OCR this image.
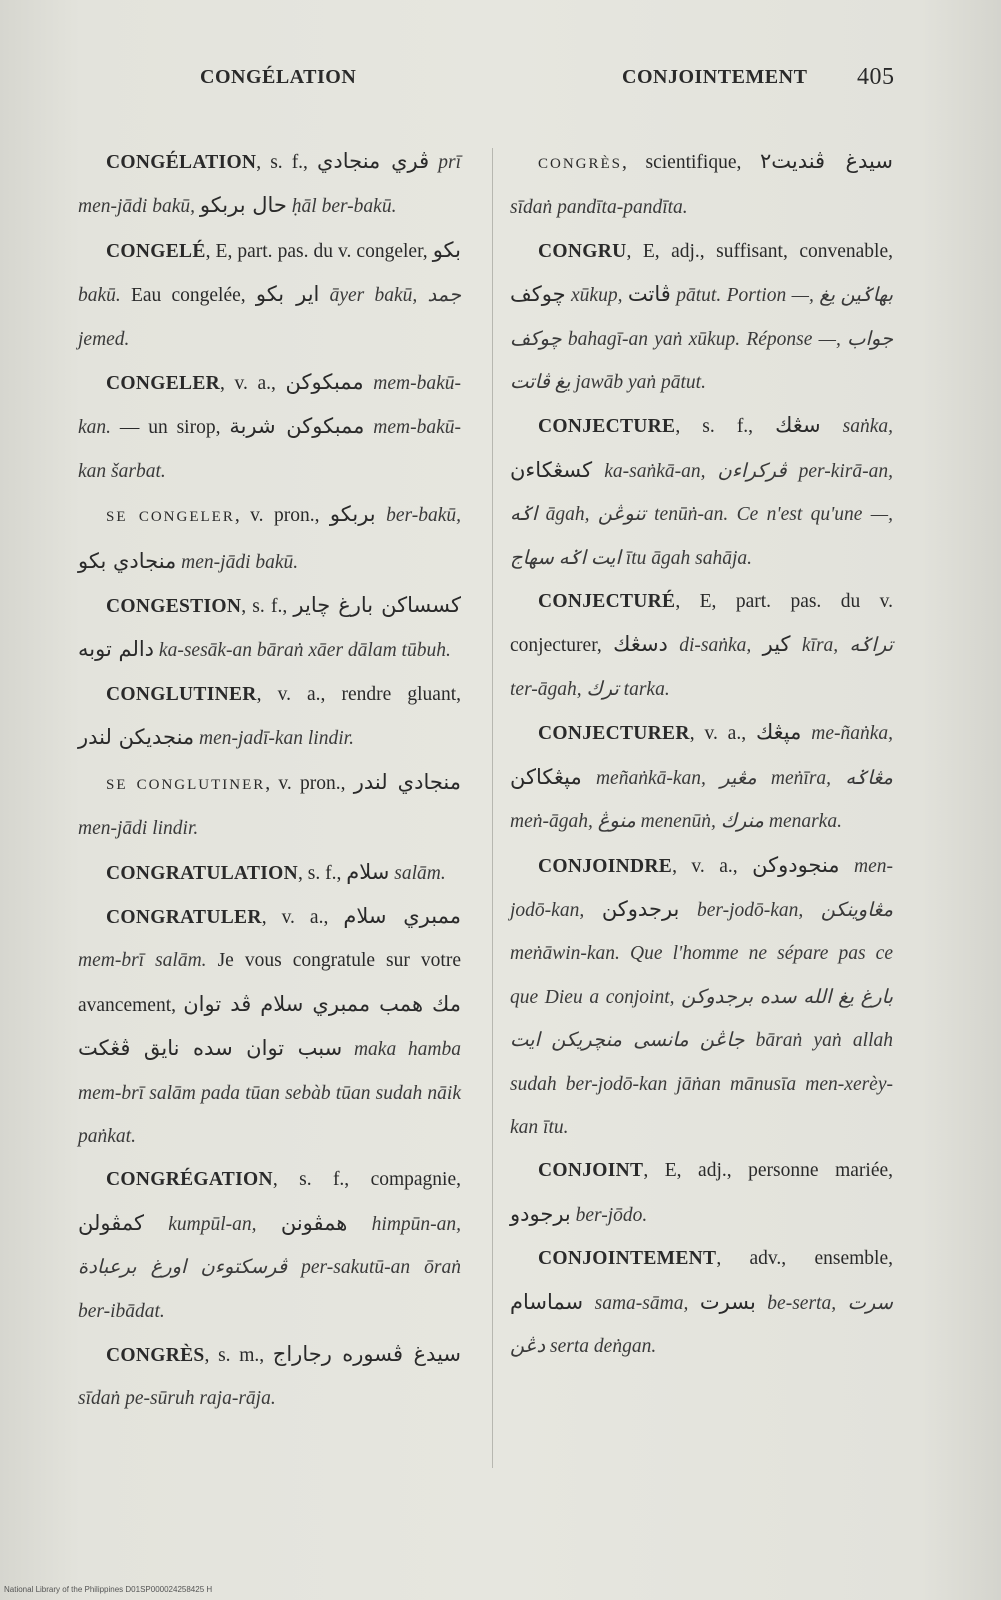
CONGÉLATION	CONJOINTEMENT 405

CONGÉLATION, s. f., ڤري منجادي prī men-jādi bakū, حال بربكو ḥāl ber-bakū.

CONGELÉ, E, part. pas. du v. congeler, بكو bakū. Eau congelée, اير بكو āyer bakū, جمد jemed.

CONGELER, v. a., ممبكوكن mem-bakū-kan. — un sirop, ممبكوكن شربة mem-bakū-kan šarbat.

SE CONGELER, v. pron., بربكو ber-bakū, منجادي بكو men-jādi bakū.

CONGESTION, s. f., كسساكن بارغ چاير دالم توبه ka-sesāk-an bāraṅ xāer dālam tūbuh.

CONGLUTINER, v. a., rendre gluant, منجديكن لندر men-jadī-kan lindir.

SE CONGLUTINER, v. pron., منجادي لندر men-jādi lindir.

CONGRATULATION, s. f., سلام salām.

CONGRATULER, v. a., ممبري سلام mem-brī salām. Je vous congratule sur votre avancement, مك همب ممبري سلام ڤد توان سبب توان سده نايق ڤڠكت maka hamba mem-brī salām pada tūan sebàb tūan sudah nāik paṅkat.

CONGRÉGATION, s. f., compagnie, كمڤولن kumpūl-an, همڤونن himpūn-an, ڤرسكتوءن اورغ برعبادة per-sakutū-an ōraṅ ber-ibādat.

CONGRÈS, s. m., سيدغ ڤسوره رجاراج sīdaṅ pe-sūruh raja-rāja.

CONGRÈS, scientifique, سيدغ ڤنديت٢ sīdaṅ pandīta-pandīta.

CONGRU, E, adj., suffisant, convenable, چوكف xūkup, ڤاتت pātut. Portion —, بهاݢين يغ چوكف bahagī-an yaṅ xūkup. Réponse —, جواب يغ ڤاتت jawāb yaṅ pātut.

CONJECTURE, s. f., سڠك saṅka, كسڠكاءن ka-saṅkā-an, ڤركراءن per-kirā-an, اݢه āgah, تنوڠن tenūṅ-an. Ce n'est qu'une —, ايت اݢه سهاج ītu āgah sahāja.

CONJECTURÉ, E, part. pas. du v. conjecturer, دسڠك di-saṅka, كير kīra, تراݢه ter-āgah, ترك tarka.

CONJECTURER, v. a., مڽڠك me-ñaṅka, مڽڠكاكن meñaṅkā-kan, مڠير meṅīra, مڠاݢه meṅ-āgah, منوڠ menenūṅ, منرك menarka.

CONJOINDRE, v. a., منجودوكن men-jodō-kan, برجدوكن ber-jodō-kan, مڠاوينكن meṅāwin-kan. Que l'homme ne sépare pas ce que Dieu a conjoint, بارغ يغ الله سده برجدوكن جاڠن مانسى منچريكن ايت bāraṅ yaṅ allah sudah ber-jodō-kan jāṅan mānusīa men-xerèy-kan ītu.

CONJOINT, E, adj., personne mariée, برجودو ber-jōdo.

CONJOINTEMENT, adv., ensemble, سماسام sama-sāma, بسرت be-serta, سرت دڠن serta deṅgan.

National Library of the Philippines D01SP000024258425 H
